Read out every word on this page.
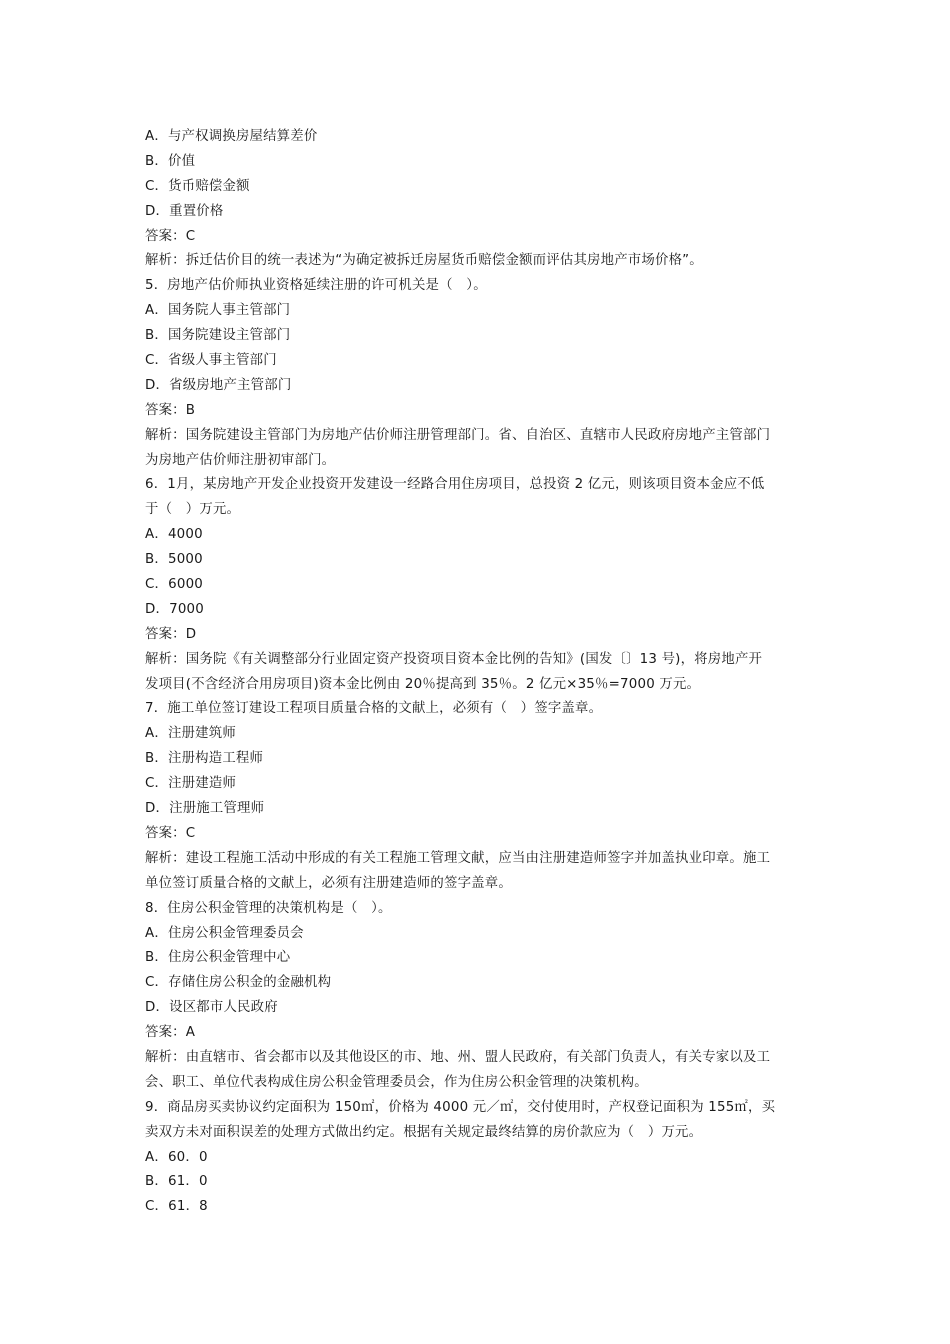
A．与产权调换房屋结算差价
B．价值
C．货币赔偿金额
D．重置价格
答案：C
解析：拆迁估价目的统一表述为“为确定被拆迁房屋货币赔偿金额而评估其房地产市场价格”。
5．房地产估价师执业资格延续注册的许可机关是（　）。
A．国务院人事主管部门
B．国务院建设主管部门
C．省级人事主管部门
D．省级房地产主管部门
答案：B
解析：国务院建设主管部门为房地产估价师注册管理部门。省、自治区、直辖市人民政府房地产主管部门
为房地产估价师注册初审部门。
6．1月，某房地产开发企业投资开发建设一经路合用住房项目，总投资 2 亿元，则该项目资本金应不低
于（　）万元。
A．4000
B．5000
C．6000
D．7000
答案：D
解析：国务院《有关调整部分行业固定资产投资项目资本金比例的告知》(国发〔〕13 号)，将房地产开
发项目(不含经济合用房项目)资本金比例由 20％提高到 35％。2 亿元×35％=7000 万元。
7．施工单位签订建设工程项目质量合格的文献上，必须有（　）签字盖章。
A．注册建筑师
B．注册构造工程师
C．注册建造师
D．注册施工管理师
答案：C
解析：建设工程施工活动中形成的有关工程施工管理文献，应当由注册建造师签字并加盖执业印章。施工
单位签订质量合格的文献上，必须有注册建造师的签字盖章。
8．住房公积金管理的决策机构是（　）。
A．住房公积金管理委员会
B．住房公积金管理中心
C．存储住房公积金的金融机构
D．设区都市人民政府
答案：A
解析：由直辖市、省会都市以及其他设区的市、地、州、盟人民政府，有关部门负责人，有关专家以及工
会、职工、单位代表构成住房公积金管理委员会，作为住房公积金管理的决策机构。
9．商品房买卖协议约定面积为 150㎡，价格为 4000 元／㎡，交付使用时，产权登记面积为 155㎡，买
卖双方未对面积误差的处理方式做出约定。根据有关规定最终结算的房价款应为（　）万元。
A．60．0
B．61．0
C．61．8
